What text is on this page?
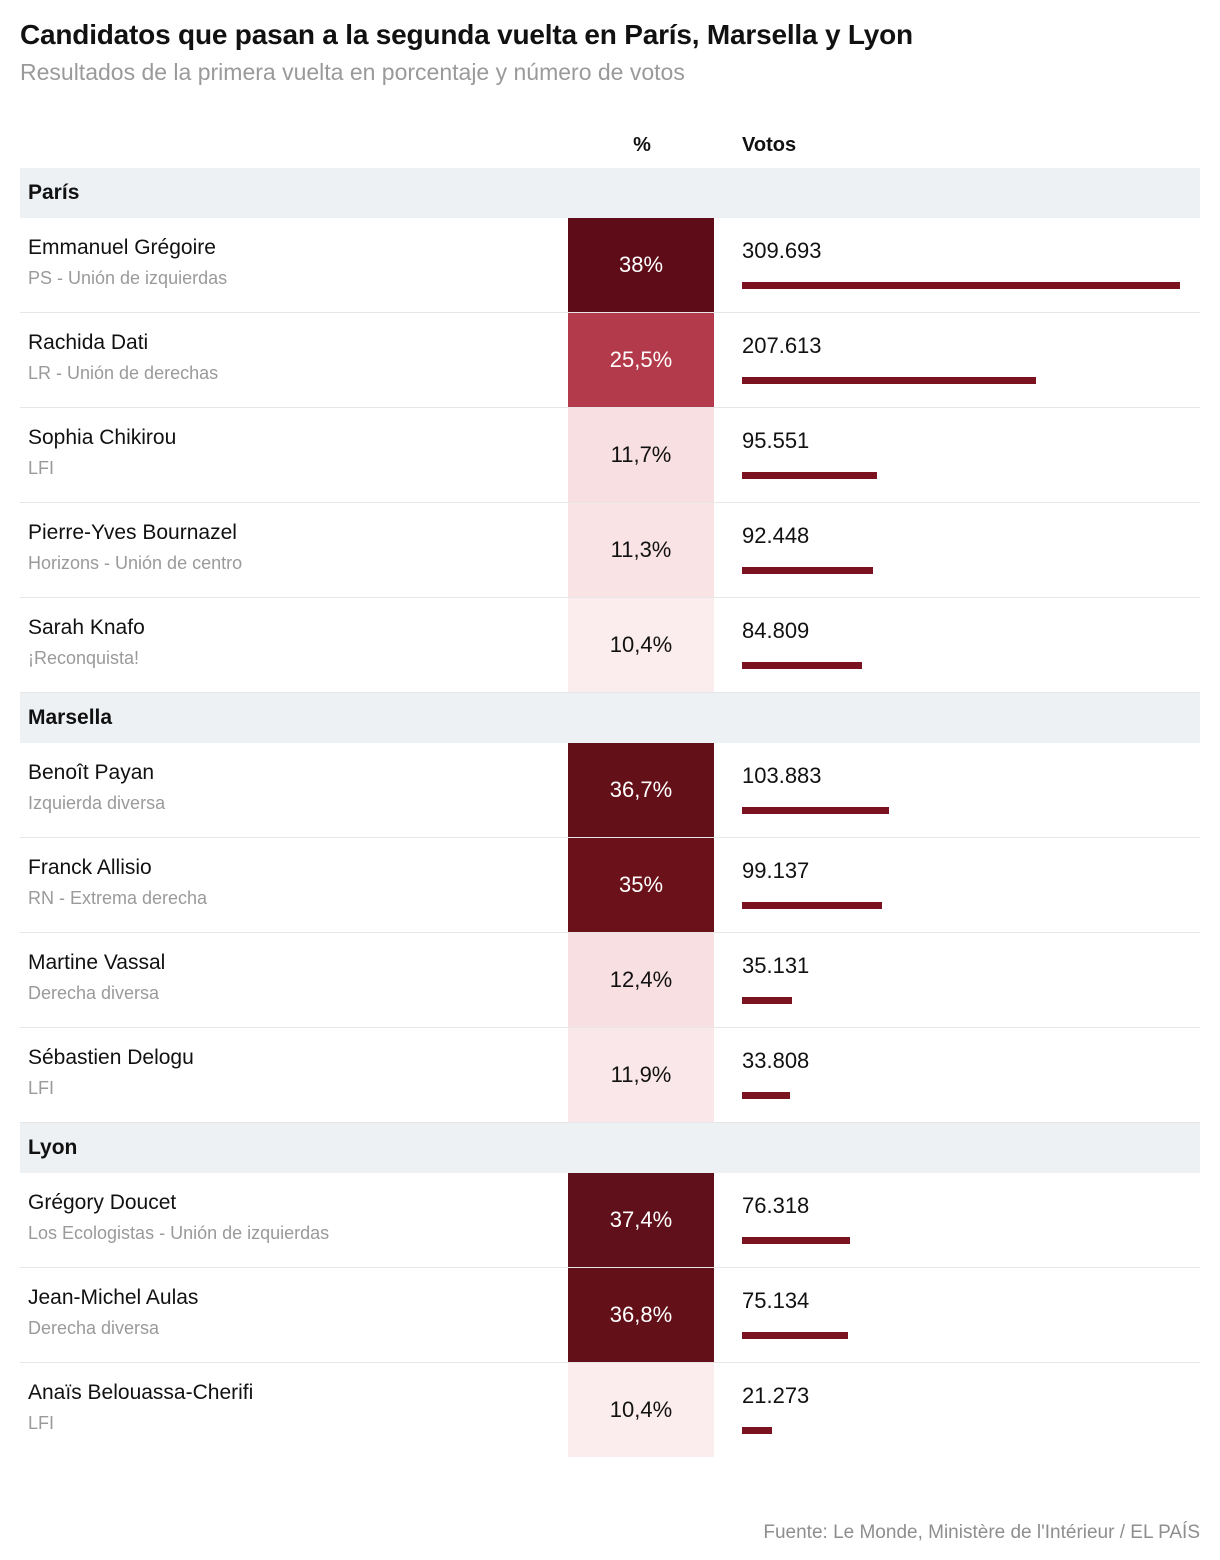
Candidatos que pasan a la segunda vuelta en París, Marsella y Lyon
Resultados de la primera vuelta en porcentaje y número de votos
%	Votos
París
Emmanuel Grégoire
PS - Unión de izquierdas
38%
309.693
Rachida Dati
LR - Unión de derechas
25,5%
207.613
Sophia Chikirou
LFI
11,7%
95.551
Pierre-Yves Bournazel
Horizons - Unión de centro
11,3%
92.448
Sarah Knafo
¡Reconquista!
10,4%
84.809
Marsella
Benoît Payan
Izquierda diversa
36,7%
103.883
Franck Allisio
RN - Extrema derecha
35%
99.137
Martine Vassal
Derecha diversa
12,4%
35.131
Sébastien Delogu
LFI
11,9%
33.808
Lyon
Grégory Doucet
Los Ecologistas - Unión de izquierdas
37,4%
76.318
Jean-Michel Aulas
Derecha diversa
36,8%
75.134
Anaïs Belouassa-Cherifi
LFI
10,4%
21.273
Fuente: Le Monde, Ministère de l'Intérieur / EL PAÍS
